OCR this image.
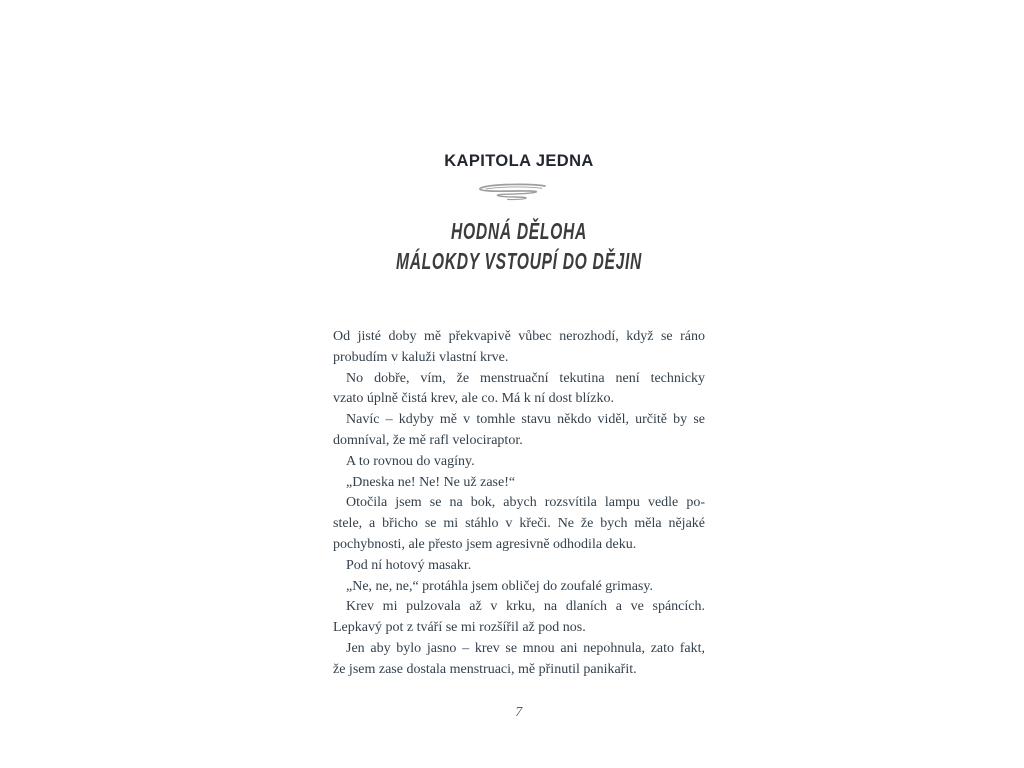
KAPITOLA JEDNA
HODNÁ DĚLOHA
MÁLOKDY VSTOUPÍ DO DĚJIN
Od jisté doby mě překvapivě vůbec nerozhodí, když se ráno
probudím v kaluži vlastní krve.
No dobře, vím, že menstruační tekutina není technicky
vzato úplně čistá krev, ale co. Má k ní dost blízko.
Navíc – kdyby mě v tomhle stavu někdo viděl, určitě by se
domníval, že mě rafl velociraptor.
A to rovnou do vagíny.
„Dneska ne! Ne! Ne už zase!“
Otočila jsem se na bok, abych rozsvítila lampu vedle po-
stele, a břicho se mi stáhlo v křeči. Ne že bych měla nějaké
pochybnosti, ale přesto jsem agresivně odhodila deku.
Pod ní hotový masakr.
„Ne, ne, ne,“ protáhla jsem obličej do zoufalé grimasy.
Krev mi pulzovala až v krku, na dlaních a ve spáncích.
Lepkavý pot z tváří se mi rozšířil až pod nos.
Jen aby bylo jasno – krev se mnou ani nepohnula, zato fakt,
že jsem zase dostala menstruaci, mě přinutil panikařit.
7
